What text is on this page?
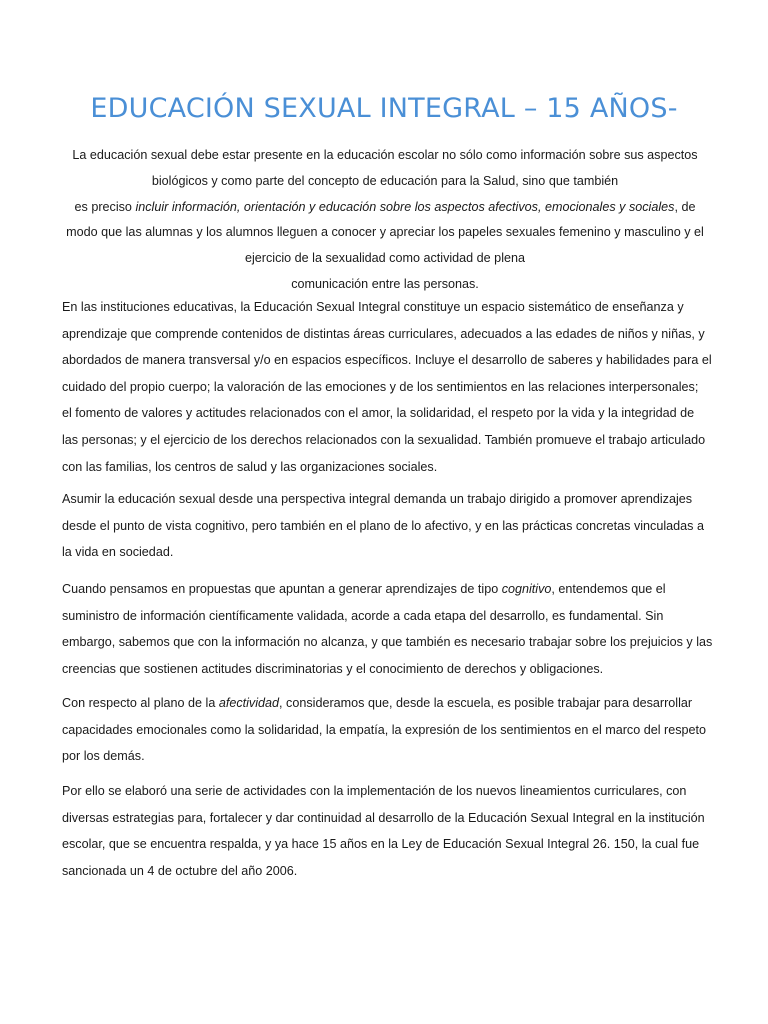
EDUCACIÓN SEXUAL INTEGRAL – 15 AÑOS-

La educación sexual debe estar presente en la educación escolar no sólo como información sobre sus aspectos
biológicos y como parte del concepto de educación para la Salud, sino que también
es preciso incluir información, orientación y educación sobre los aspectos afectivos, emocionales y sociales, de
modo que las alumnas y los alumnos lleguen a conocer y apreciar los papeles sexuales femenino y masculino y el
ejercicio de la sexualidad como actividad de plena
comunicación entre las personas.

En las instituciones educativas, la Educación Sexual Integral constituye un espacio sistemático de enseñanza y
aprendizaje que comprende contenidos de distintas áreas curriculares, adecuados a las edades de niños y niñas, y
abordados de manera transversal y/o en espacios específicos. Incluye el desarrollo de saberes y habilidades para el
cuidado del propio cuerpo; la valoración de las emociones y de los sentimientos en las relaciones interpersonales;
el fomento de valores y actitudes relacionados con el amor, la solidaridad, el respeto por la vida y la integridad de
las personas; y el ejercicio de los derechos relacionados con la sexualidad. También promueve el trabajo articulado
con las familias, los centros de salud y las organizaciones sociales.

Asumir la educación sexual desde una perspectiva integral demanda un trabajo dirigido a promover aprendizajes
desde el punto de vista cognitivo, pero también en el plano de lo afectivo, y en las prácticas concretas vinculadas a
la vida en sociedad.

Cuando pensamos en propuestas que apuntan a generar aprendizajes de tipo cognitivo, entendemos que el
suministro de información científicamente validada, acorde a cada etapa del desarrollo, es fundamental. Sin
embargo, sabemos que con la información no alcanza, y que también es necesario trabajar sobre los prejuicios y las
creencias que sostienen actitudes discriminatorias y el conocimiento de derechos y obligaciones.

Con respecto al plano de la afectividad, consideramos que, desde la escuela, es posible trabajar para desarrollar
capacidades emocionales como la solidaridad, la empatía, la expresión de los sentimientos en el marco del respeto
por los demás.

Por ello se elaboró una serie de actividades con la implementación de los nuevos lineamientos curriculares, con
diversas estrategias para, fortalecer y dar continuidad al desarrollo de la Educación Sexual Integral en la institución
escolar, que se encuentra respalda, y ya hace 15 años en la Ley de Educación Sexual Integral 26. 150, la cual fue
sancionada un 4 de octubre del año 2006.
